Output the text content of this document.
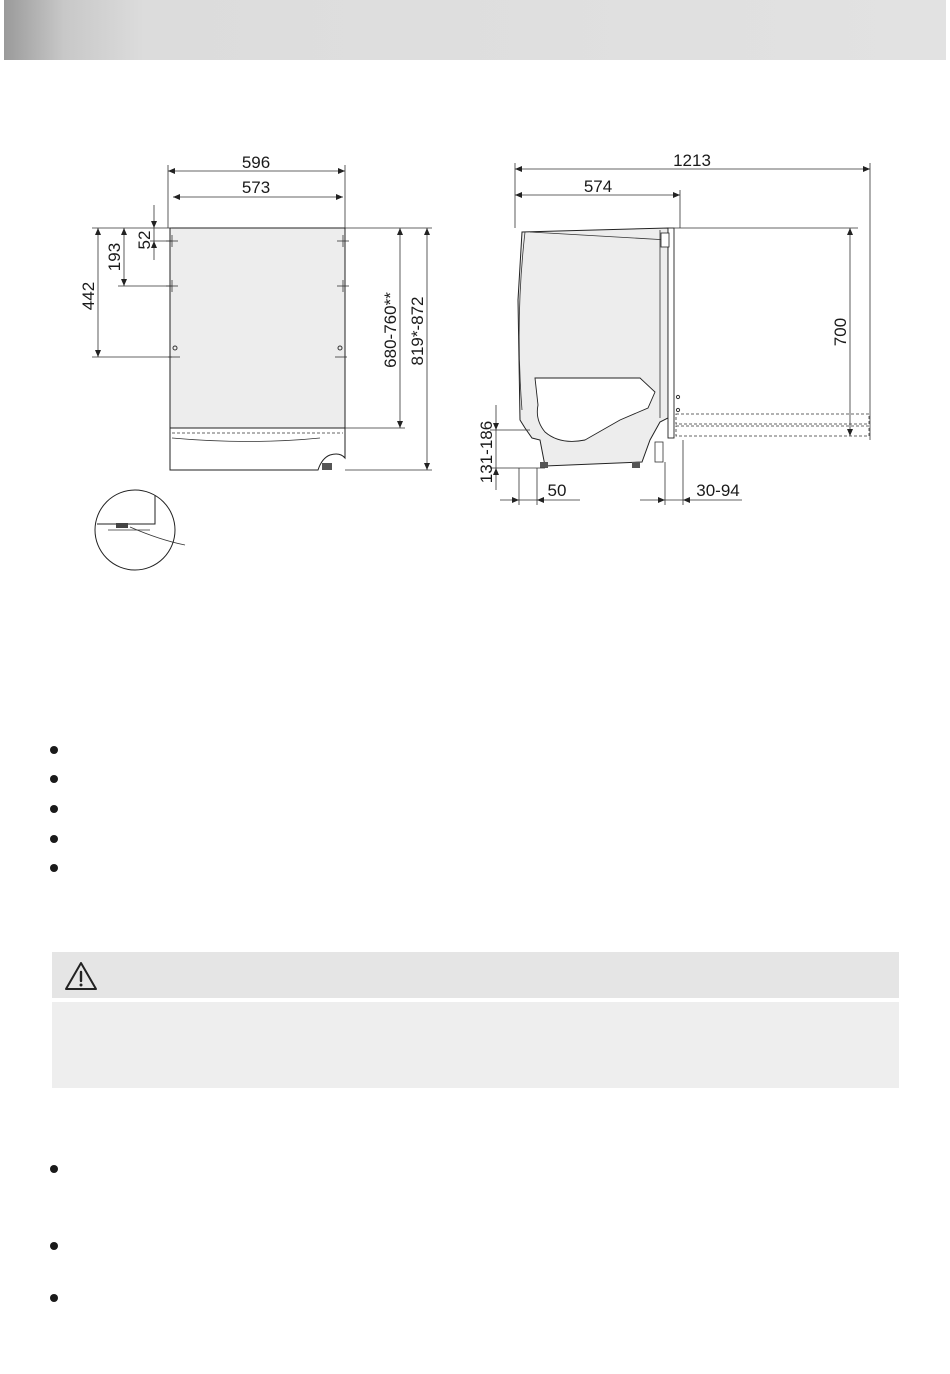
596
573
52
193
442	680-760** 819*-872
1213
574
700
131-186
50	30-94
